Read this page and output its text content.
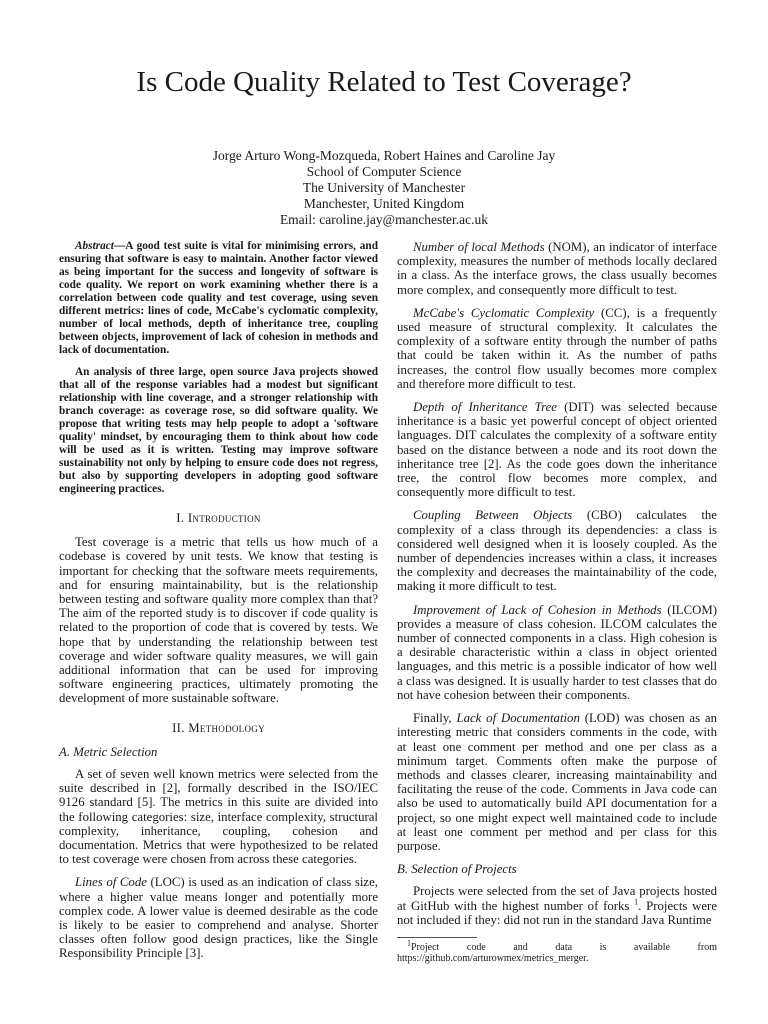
Is Code Quality Related to Test Coverage?
Jorge Arturo Wong-Mozqueda, Robert Haines and Caroline Jay
School of Computer Science
The University of Manchester
Manchester, United Kingdom
Email: caroline.jay@manchester.ac.uk

Abstract—A good test suite is vital for minimising errors, and ensuring that software is easy to maintain. Another factor viewed as being important for the success and longevity of software is code quality. We report on work examining whether there is a correlation between code quality and test coverage, using seven different metrics: lines of code, McCabe's cyclomatic complexity, number of local methods, depth of inheritance tree, coupling between objects, improvement of lack of cohesion in methods and lack of documentation.

An analysis of three large, open source Java projects showed that all of the response variables had a modest but significant relationship with line coverage, and a stronger relationship with branch coverage: as coverage rose, so did software quality. We propose that writing tests may help people to adopt a 'software quality' mindset, by encouraging them to think about how code will be used as it is written. Testing may improve software sustainability not only by helping to ensure code does not regress, but also by supporting developers in adopting good software engineering practices.

I. Introduction

Test coverage is a metric that tells us how much of a codebase is covered by unit tests. We know that testing is important for checking that the software meets requirements, and for ensuring maintainability, but is the relationship between testing and software quality more complex than that? The aim of the reported study is to discover if code quality is related to the proportion of code that is covered by tests. We hope that by understanding the relationship between test coverage and wider software quality measures, we will gain additional information that can be used for improving software engineering practices, ultimately promoting the development of more sustainable software.

II. Methodology

A. Metric Selection

A set of seven well known metrics were selected from the suite described in [2], formally described in the ISO/IEC 9126 standard [5]. The metrics in this suite are divided into the following categories: size, interface complexity, structural complexity, inheritance, coupling, cohesion and documentation. Metrics that were hypothesized to be related to test coverage were chosen from across these categories.

Lines of Code (LOC) is used as an indication of class size, where a higher value means longer and potentially more complex code. A lower value is deemed desirable as the code is likely to be easier to comprehend and analyse. Shorter classes often follow good design practices, like the Single Responsibility Principle [3].

Number of local Methods (NOM), an indicator of interface complexity, measures the number of methods locally declared in a class. As the interface grows, the class usually becomes more complex, and consequently more difficult to test.

McCabe's Cyclomatic Complexity (CC), is a frequently used measure of structural complexity. It calculates the complexity of a software entity through the number of paths that could be taken within it. As the number of paths increases, the control flow usually becomes more complex and therefore more difficult to test.

Depth of Inheritance Tree (DIT) was selected because inheritance is a basic yet powerful concept of object oriented languages. DIT calculates the complexity of a software entity based on the distance between a node and its root down the inheritance tree [2]. As the code goes down the inheritance tree, the control flow becomes more complex, and consequently more difficult to test.

Coupling Between Objects (CBO) calculates the complexity of a class through its dependencies: a class is considered well designed when it is loosely coupled. As the number of dependencies increases within a class, it increases the complexity and decreases the maintainability of the code, making it more difficult to test.

Improvement of Lack of Cohesion in Methods (ILCOM) provides a measure of class cohesion. ILCOM calculates the number of connected components in a class. High cohesion is a desirable characteristic within a class in object oriented languages, and this metric is a possible indicator of how well a class was designed. It is usually harder to test classes that do not have cohesion between their components.

Finally, Lack of Documentation (LOD) was chosen as an interesting metric that considers comments in the code, with at least one comment per method and one per class as a minimum target. Comments often make the purpose of methods and classes clearer, increasing maintainability and facilitating the reuse of the code. Comments in Java code can also be used to automatically build API documentation for a project, so one might expect well maintained code to include at least one comment per method and per class for this purpose.

B. Selection of Projects

Projects were selected from the set of Java projects hosted at GitHub with the highest number of forks $^1$. Projects were not included if they: did not run in the standard Java Runtime

$^1$Project code and data is available from https://github.com/arturowmex/metrics_merger.
